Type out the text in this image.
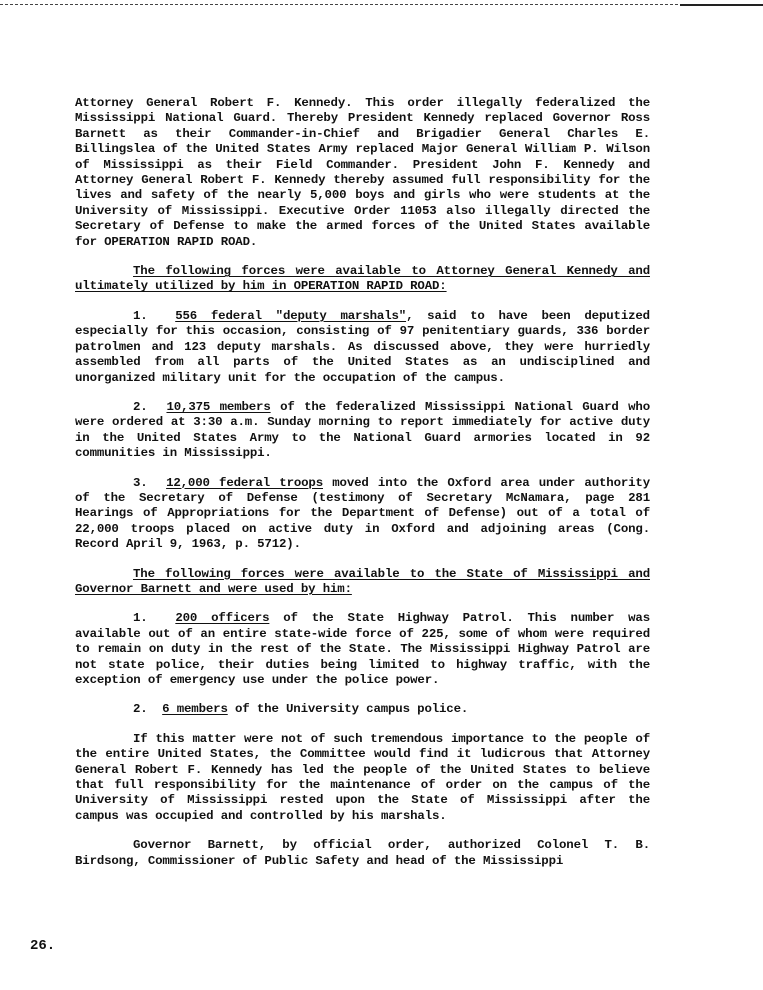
Attorney General Robert F. Kennedy. This order illegally federalized the Mississippi National Guard. Thereby President Kennedy replaced Governor Ross Barnett as their Commander-in-Chief and Brigadier General Charles E. Billingslea of the United States Army replaced Major General William P. Wilson of Mississippi as their Field Commander. President John F. Kennedy and Attorney General Robert F. Kennedy thereby assumed full responsibility for the lives and safety of the nearly 5,000 boys and girls who were students at the University of Mississippi. Executive Order 11053 also illegally directed the Secretary of Defense to make the armed forces of the United States available for OPERATION RAPID ROAD.

The following forces were available to Attorney General Kennedy and ultimately utilized by him in OPERATION RAPID ROAD:

1. 556 federal "deputy marshals", said to have been deputized especially for this occasion, consisting of 97 penitentiary guards, 336 border patrolmen and 123 deputy marshals. As discussed above, they were hurriedly assembled from all parts of the United States as an undisciplined and unorganized military unit for the occupation of the campus.

2. 10,375 members of the federalized Mississippi National Guard who were ordered at 3:30 a.m. Sunday morning to report immediately for active duty in the United States Army to the National Guard armories located in 92 communities in Mississippi.

3. 12,000 federal troops moved into the Oxford area under authority of the Secretary of Defense (testimony of Secretary McNamara, page 281 Hearings of Appropriations for the Department of Defense) out of a total of 22,000 troops placed on active duty in Oxford and adjoining areas (Cong. Record April 9, 1963, p. 5712).

The following forces were available to the State of Mississippi and Governor Barnett and were used by him:

1. 200 officers of the State Highway Patrol. This number was available out of an entire state-wide force of 225, some of whom were required to remain on duty in the rest of the State. The Mississippi Highway Patrol are not state police, their duties being limited to highway traffic, with the exception of emergency use under the police power.

2. 6 members of the University campus police.

If this matter were not of such tremendous importance to the people of the entire United States, the Committee would find it ludicrous that Attorney General Robert F. Kennedy has led the people of the United States to believe that full responsibility for the maintenance of order on the campus of the University of Mississippi rested upon the State of Mississippi after the campus was occupied and controlled by his marshals.

Governor Barnett, by official order, authorized Colonel T. B. Birdsong, Commissioner of Public Safety and head of the Mississippi

26.
